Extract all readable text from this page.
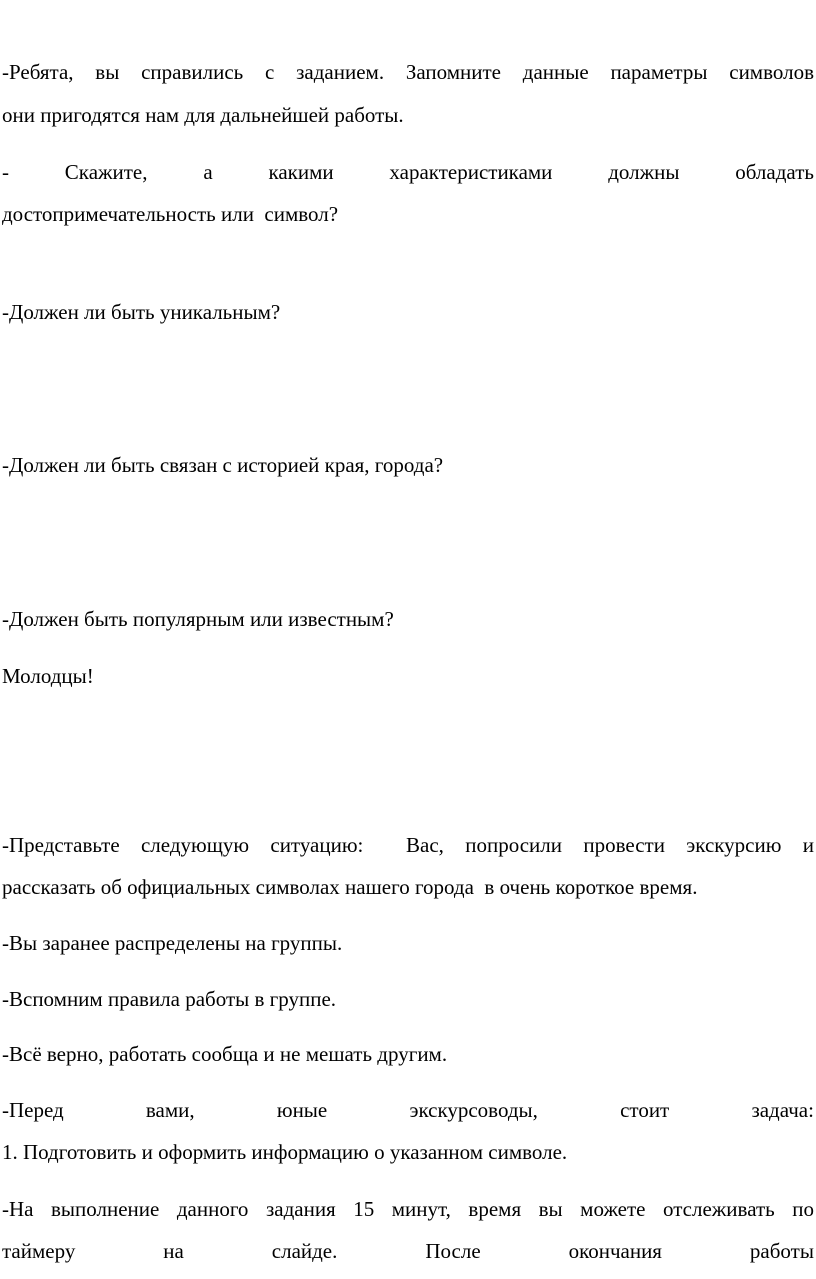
-Ребята, вы справились с заданием. Запомните данные параметры символов
они пригодятся нам для дальнейшей работы.
-	Скажите,	а	какими	характеристиками	должны	обладать
достопримечательность или  символ?
-Должен ли быть уникальным?
-Должен ли быть связан с историей края, города?
-Должен быть популярным или известным?
Молодцы!
-Представьте следующую ситуацию:  Вас, попросили провести экскурсию и
рассказать об официальных символах нашего города  в очень короткое время.
-Вы заранее распределены на группы.
-Вспомним правила работы в группе.
-Всё верно, работать сообща и не мешать другим.
-Перед	вами,	юные	экскурсоводы,	стоит	задача:
1. Подготовить и оформить информацию о указанном символе.
-На выполнение данного задания 15 минут, время вы можете отслеживать по
таймеру	на	слайде.	После	окончания	работы
